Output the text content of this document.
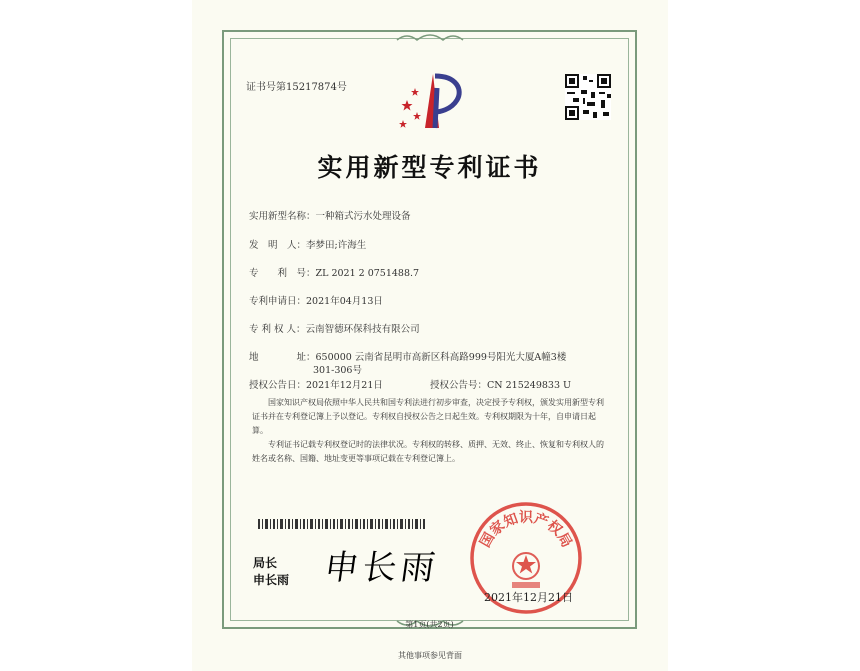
证书号第15217874号
实用新型专利证书
实用新型名称：一种箱式污水处理设备
发　明　人：李梦田;许海生
专　　利　号：ZL 2021 2 0751488.7
专利申请日：2021年04月13日
专 利 权 人：云南智德环保科技有限公司
地　　　　址：650000 云南省昆明市高新区科高路999号阳光大厦A幢3楼
301-306号
授权公告日：2021年12月21日	授权公告号：CN 215249833 U
国家知识产权局依照中华人民共和国专利法进行初步审查，决定授予专利权，颁发实用新型专利证书并在专利登记簿上予以登记。专利权自授权公告之日起生效。专利权期限为十年，自申请日起算。
专利证书记载专利权登记时的法律状况。专利权的转移、质押、无效、终止、恢复和专利权人的姓名或名称、国籍、地址变更等事项记载在专利登记簿上。
局长
申长雨 申长雨
国家知识产权局
2021年12月21日
第1页(共2页)
其他事项参见背面
